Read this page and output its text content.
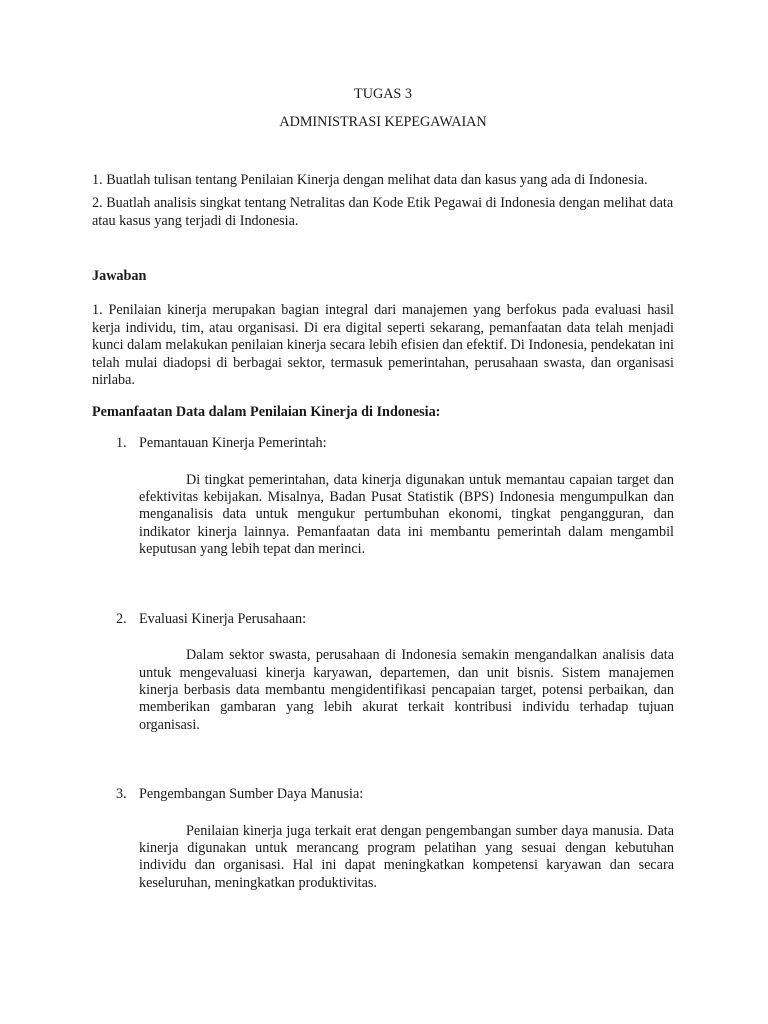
TUGAS 3

ADMINISTRASI KEPEGAWAIAN

1. Buatlah tulisan tentang Penilaian Kinerja dengan melihat data dan kasus yang ada di Indonesia.

2. Buatlah analisis singkat tentang Netralitas dan Kode Etik Pegawai di Indonesia dengan melihat data atau kasus yang terjadi di Indonesia.

Jawaban

1. Penilaian kinerja merupakan bagian integral dari manajemen yang berfokus pada evaluasi hasil kerja individu, tim, atau organisasi. Di era digital seperti sekarang, pemanfaatan data telah menjadi kunci dalam melakukan penilaian kinerja secara lebih efisien dan efektif. Di Indonesia, pendekatan ini telah mulai diadopsi di berbagai sektor, termasuk pemerintahan, perusahaan swasta, dan organisasi nirlaba.

Pemanfaatan Data dalam Penilaian Kinerja di Indonesia:

1. Pemantauan Kinerja Pemerintah:

Di tingkat pemerintahan, data kinerja digunakan untuk memantau capaian target dan efektivitas kebijakan. Misalnya, Badan Pusat Statistik (BPS) Indonesia mengumpulkan dan menganalisis data untuk mengukur pertumbuhan ekonomi, tingkat pengangguran, dan indikator kinerja lainnya. Pemanfaatan data ini membantu pemerintah dalam mengambil keputusan yang lebih tepat dan merinci.

2. Evaluasi Kinerja Perusahaan:

Dalam sektor swasta, perusahaan di Indonesia semakin mengandalkan analisis data untuk mengevaluasi kinerja karyawan, departemen, dan unit bisnis. Sistem manajemen kinerja berbasis data membantu mengidentifikasi pencapaian target, potensi perbaikan, dan memberikan gambaran yang lebih akurat terkait kontribusi individu terhadap tujuan organisasi.

3. Pengembangan Sumber Daya Manusia:

Penilaian kinerja juga terkait erat dengan pengembangan sumber daya manusia. Data kinerja digunakan untuk merancang program pelatihan yang sesuai dengan kebutuhan individu dan organisasi. Hal ini dapat meningkatkan kompetensi karyawan dan secara keseluruhan, meningkatkan produktivitas.
